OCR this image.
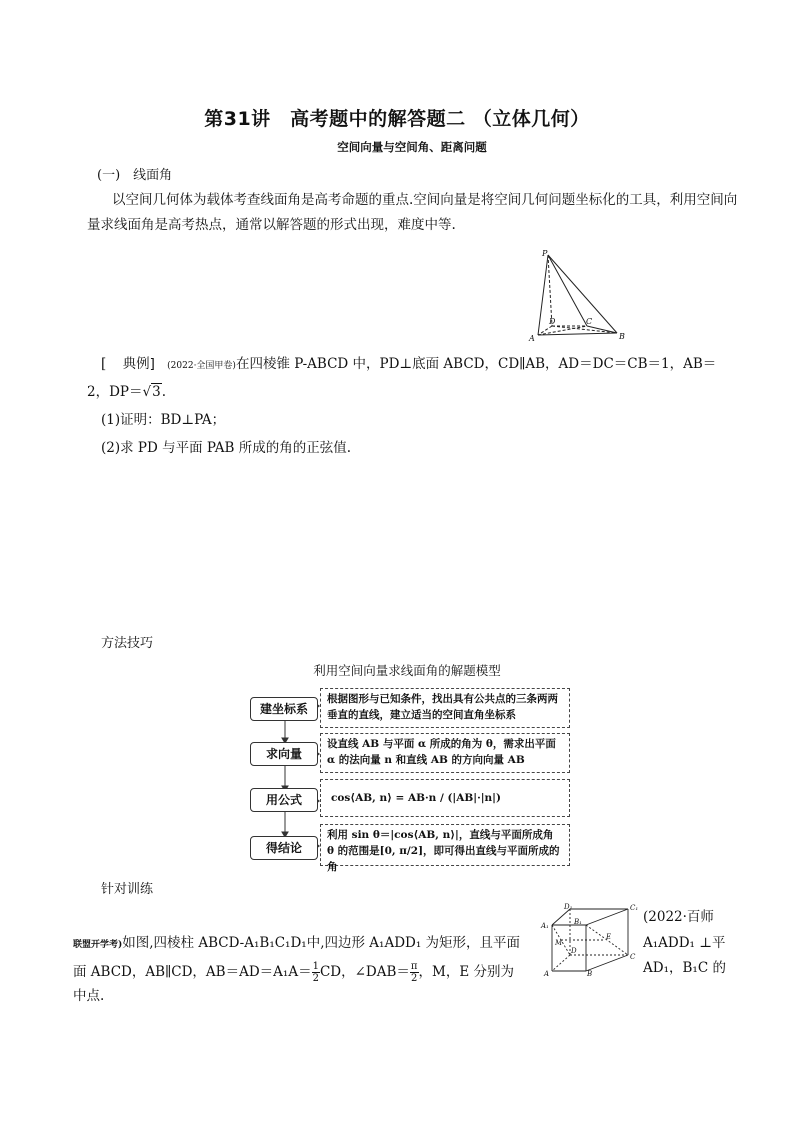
第31讲　高考题中的解答题二 （立体几何）
空间向量与空间角、距离问题
(一)　线面角
以空间几何体为载体考查线面角是高考命题的重点.空间向量是将空间几何问题坐标化的工具，利用空间向量求线面角是高考热点，通常以解答题的形式出现，难度中等.
P
D	C
A	B
[ 典例] (2022·全国甲卷)在四棱锥 P-ABCD 中，PD⊥底面 ABCD，CD∥AB，AD＝DC＝CB＝1，AB＝
2，DP＝√3.
(1)证明：BD⊥PA；
(2)求 PD 与平面 PAB 所成的角的正弦值.
方法技巧
利用空间向量求线面角的解题模型
建坐标系
根据图形与已知条件，找出具有公共点的三条两两垂直的直线，建立适当的空间直角坐标系
求向量
设直线 AB 与平面 α 所成的角为 θ，需求出平面 α 的法向量 n 和直线 AB 的方向向量 AB
用公式	cos⟨AB, n⟩ = AB·n / (|AB|·|n|)
得结论
利用 sin θ＝|cos⟨AB, n⟩|，直线与平面所成角 θ 的范围是[0, π/2]，即可得出直线与平面所成的角
针对训练
D₁	C₁
A₁	B₁
M
E
D
C
A	B
(2022·百师
联盟开学考)如图,四棱柱 ABCD-A₁B₁C₁D₁中,四边形 A₁ADD₁ 为矩形，且平面	A₁ADD₁ ⊥平
面 ABCD，AB∥CD，$AB=AD=A_1A= \frac{1}{2}$ CD，∠DAB＝ $\frac{\pi}{2}$ ，M，E 分别为	AD₁，B₁C 的
中点.
